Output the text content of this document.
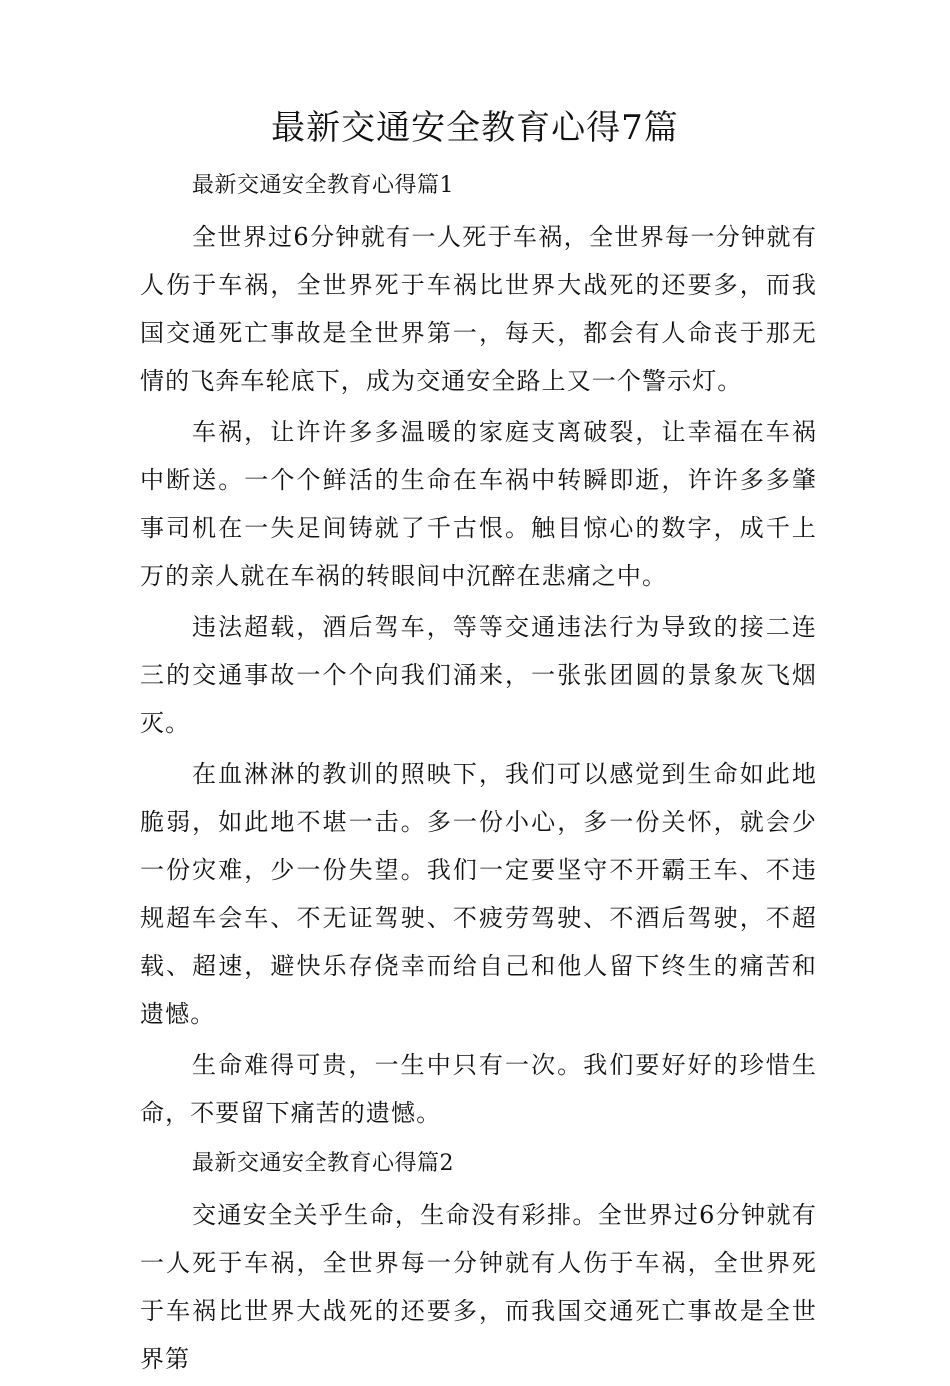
最新交通安全教育心得7篇

最新交通安全教育心得篇1

全世界过6分钟就有一人死于车祸，全世界每一分钟就有人伤于车祸，全世界死于车祸比世界大战死的还要多，而我国交通死亡事故是全世界第一，每天，都会有人命丧于那无情的飞奔车轮底下，成为交通安全路上又一个警示灯。

车祸，让许许多多温暖的家庭支离破裂，让幸福在车祸中断送。一个个鲜活的生命在车祸中转瞬即逝，许许多多肇事司机在一失足间铸就了千古恨。触目惊心的数字，成千上万的亲人就在车祸的转眼间中沉醉在悲痛之中。

违法超载，酒后驾车，等等交通违法行为导致的接二连三的交通事故一个个向我们涌来，一张张团圆的景象灰飞烟灭。

在血淋淋的教训的照映下，我们可以感觉到生命如此地脆弱，如此地不堪一击。多一份小心，多一份关怀，就会少一份灾难，少一份失望。我们一定要坚守不开霸王车、不违规超车会车、不无证驾驶、不疲劳驾驶、不酒后驾驶，不超载、超速，避快乐存侥幸而给自己和他人留下终生的痛苦和遗憾。

生命难得可贵，一生中只有一次。我们要好好的珍惜生命，不要留下痛苦的遗憾。

最新交通安全教育心得篇2

交通安全关乎生命，生命没有彩排。全世界过6分钟就有一人死于车祸，全世界每一分钟就有人伤于车祸，全世界死于车祸比世界大战死的还要多，而我国交通死亡事故是全世界第
